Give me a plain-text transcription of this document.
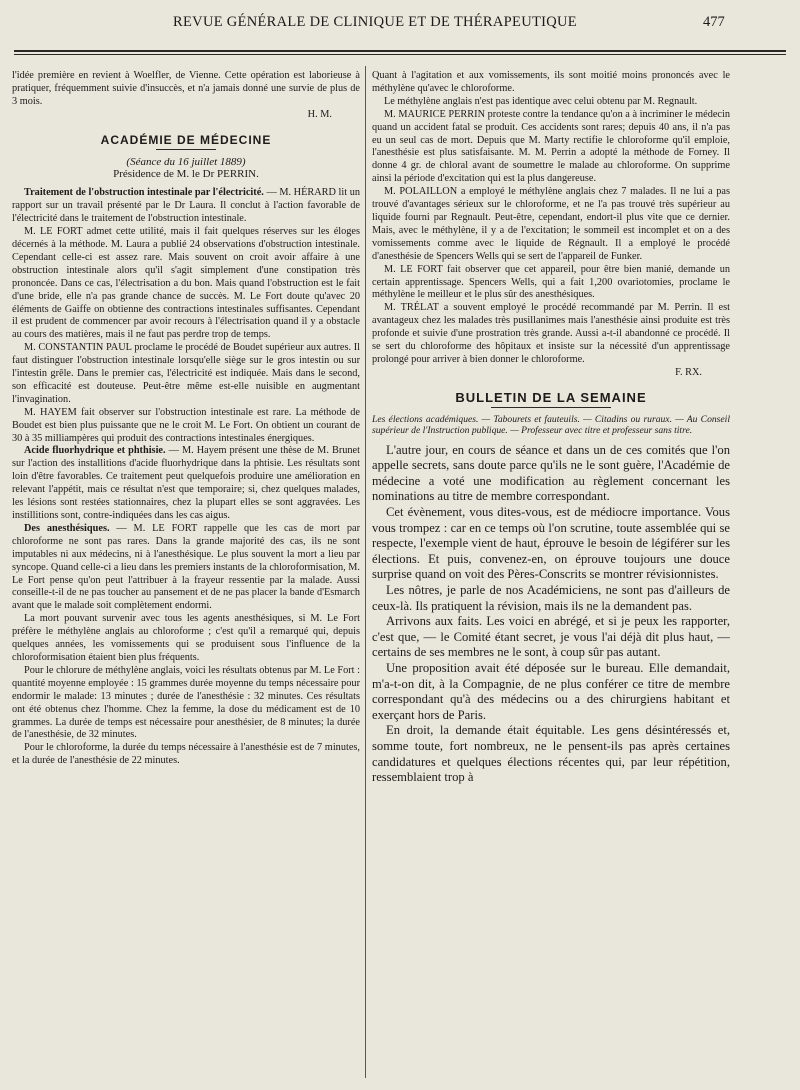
REVUE GÉNÉRALE DE CLINIQUE ET DE THÉRAPEUTIQUE	477

l'idée première en revient à Woelfler, de Vienne. Cette opération est laborieuse à pratiquer, fréquemment suivie d'insuccès, et n'a jamais donné une survie de plus de 3 mois.

H. M.

ACADÉMIE DE MÉDECINE

(Séance du 16 juillet 1889)

Présidence de M. le Dr PERRIN.

Traitement de l'obstruction intestinale par l'électricité. — M. HÉRARD lit un rapport sur un travail présenté par le Dr Laura. Il conclut à l'action favorable de l'électricité dans le traitement de l'obstruction intestinale.

M. LE FORT admet cette utilité, mais il fait quelques réserves sur les éloges décernés à la méthode. M. Laura a publié 24 observations d'obstruction intestinale. Cependant celle-ci est assez rare. Mais souvent on croit avoir affaire à une obstruction intestinale alors qu'il s'agit simplement d'une constipation très prononcée. Dans ce cas, l'électrisation a du bon. Mais quand l'obstruction est le fait d'une bride, elle n'a pas grande chance de succès. M. Le Fort doute qu'avec 20 éléments de Gaiffe on obtienne des contractions intestinales suffisantes. Cependant il est prudent de commencer par avoir recours à l'électrisation quand il y a obstacle au cours des matières, mais il ne faut pas perdre trop de temps.

M. CONSTANTIN PAUL proclame le procédé de Boudet supérieur aux autres. Il faut distinguer l'obstruction intestinale lorsqu'elle siège sur le gros intestin ou sur l'intestin grêle. Dans le premier cas, l'électricité est indiquée. Mais dans le second, son efficacité est douteuse. Peut-être même est-elle nuisible en augmentant l'invagination.

M. HAYEM fait observer sur l'obstruction intestinale est rare. La méthode de Boudet est bien plus puissante que ne le croit M. Le Fort. On obtient un courant de 30 à 35 milliampères qui produit des contractions intestinales énergiques.

Acide fluorhydrique et phthisie. — M. Hayem présent une thèse de M. Brunet sur l'action des installitions d'acide fluorhydrique dans la phtisie. Les résultats sont loin d'être favorables. Ce traitement peut quelquefois produire une amélioration en relevant l'appétit, mais ce résultat n'est que temporaire; si, chez quelques malades, les lésions sont restées stationnaires, chez la plupart elles se sont aggravées. Les instillitions sont, contre-indiquées dans les cas aigus.

Des anesthésiques. — M. LE FORT rappelle que les cas de mort par chloroforme ne sont pas rares. Dans la grande majorité des cas, ils ne sont imputables ni aux médecins, ni à l'anesthésique. Le plus souvent la mort a lieu par syncope. Quand celle-ci a lieu dans les premiers instants de la chloroformisation, M. Le Fort pense qu'on peut l'attribuer à la frayeur ressentie par la malade. Aussi conseille-t-il de ne pas toucher au pansement et de ne pas placer la bande d'Esmarch avant que le malade soit complètement endormi.

La mort pouvant survenir avec tous les agents anesthésiques, si M. Le Fort préfère le méthylène anglais au chloroforme ; c'est qu'il a remarqué qui, depuis quelques années, les vomissements qui se produisent sous l'influence de la chloroformisation étaient bien plus fréquents.

Pour le chlorure de méthylène anglais, voici les résultats obtenus par M. Le Fort : quantité moyenne employée : 15 grammes durée moyenne du temps nécessaire pour endormir le malade: 13 minutes ; durée de l'anesthésie : 32 minutes. Ces résultats ont été obtenus chez l'homme. Chez la femme, la dose du médicament est de 10 grammes. La durée de temps est nécessaire pour anesthésier, de 8 minutes; la durée de l'anesthésie, de 32 minutes.

Pour le chloroforme, la durée du temps nécessaire à l'anesthésie est de 7 minutes, et la durée de l'anesthésie de 22 minutes.

Quant à l'agitation et aux vomissements, ils sont moitié moins prononcés avec le méthylène qu'avec le chloroforme.

Le méthylène anglais n'est pas identique avec celui obtenu par M. Regnault.

M. MAURICE PERRIN proteste contre la tendance qu'on a à incriminer le médecin quand un accident fatal se produit. Ces accidents sont rares; depuis 40 ans, il n'a pas eu un seul cas de mort. Depuis que M. Marty rectifie le chloroforme qu'il emploie, l'anesthésie est plus satisfaisante. M. M. Perrin a adopté la méthode de Forney. Il donne 4 gr. de chloral avant de soumettre le malade au chloroforme. On supprime ainsi la période d'excitation qui est la plus dangereuse.

M. POLAILLON a employé le méthylène anglais chez 7 malades. Il ne lui a pas trouvé d'avantages sérieux sur le chloroforme, et ne l'a pas trouvé très supérieur au liquide fourni par Regnault. Peut-être, cependant, endort-il plus vite que ce dernier. Mais, avec le méthylène, il y a de l'excitation; le sommeil est incomplet et on a des vomissements comme avec le liquide de Régnault. Il a employé le procédé d'anesthésie de Spencers Wells qui se sert de l'appareil de Funker.

M. LE FORT fait observer que cet appareil, pour être bien manié, demande un certain apprentissage. Spencers Wells, qui a fait 1,200 ovariotomies, proclame le méthylène le meilleur et le plus sûr des anesthésiques.

M. TRÉLAT a souvent employé le procédé recommandé par M. Perrin. Il est avantageux chez les malades très pusillanimes mais l'anesthésie ainsi produite est très profonde et suivie d'une prostration très grande. Aussi a-t-il abandonné ce procédé. Il se sert du chloroforme des hôpitaux et insiste sur la nécessité d'un apprentissage prolongé pour arriver à bien donner le chloroforme.

F. RX.

BULLETIN DE LA SEMAINE

Les élections académiques. — Tabourets et fauteuils. — Citadins ou ruraux. — Au Conseil supérieur de l'Instruction publique. — Professeur avec titre et professeur sans titre.

L'autre jour, en cours de séance et dans un de ces comités que l'on appelle secrets, sans doute parce qu'ils ne le sont guère, l'Académie de médecine a voté une modification au règlement concernant les nominations au titre de membre correspondant.

Cet évènement, vous dites-vous, est de médiocre importance. Vous vous trompez : car en ce temps où l'on scrutine, toute assemblée qui se respecte, l'exemple vient de haut, éprouve le besoin de légiférer sur les élections. Et puis, convenez-en, on éprouve toujours une douce surprise quand on voit des Pères-Conscrits se montrer révisionnistes.

Les nôtres, je parle de nos Académiciens, ne sont pas d'ailleurs de ceux-là. Ils pratiquent la révision, mais ils ne la demandent pas.

Arrivons aux faits. Les voici en abrégé, et si je peux les rapporter, c'est que, — le Comité étant secret, je vous l'ai déjà dit plus haut, — certains de ses membres ne le sont, à coup sûr pas autant.

Une proposition avait été déposée sur le bureau. Elle demandait, m'a-t-on dit, à la Compagnie, de ne plus conférer ce titre de membre correspondant qu'à des médecins ou a des chirurgiens habitant et exerçant hors de Paris.

En droit, la demande était équitable. Les gens désintéressés et, somme toute, fort nombreux, ne le pensent-ils pas après certaines candidatures et quelques élections récentes qui, par leur répétition, ressemblaient trop à
